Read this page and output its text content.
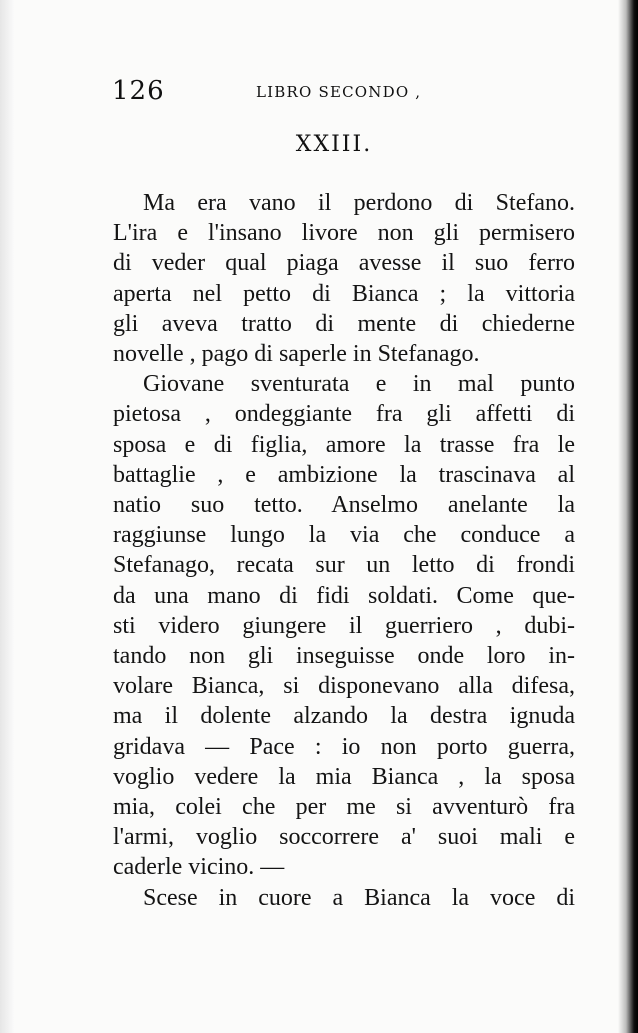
126	LIBRO SECONDO ,
XXIII.
Ma era vano il perdono di Stefano.
L'ira e l'insano livore non gli permisero
di veder qual piaga avesse il suo ferro
aperta nel petto di Bianca ; la vittoria
gli aveva tratto di mente di chiederne
novelle , pago di saperle in Stefanago.
Giovane sventurata e in mal punto
pietosa , ondeggiante fra gli affetti di
sposa e di figlia, amore la trasse fra le
battaglie , e ambizione la trascinava al
natio suo tetto. Anselmo anelante la
raggiunse lungo la via che conduce a
Stefanago, recata sur un letto di frondi
da una mano di fidi soldati. Come que-
sti videro giungere il guerriero , dubi-
tando non gli inseguisse onde loro in-
volare Bianca, si disponevano alla difesa,
ma il dolente alzando la destra ignuda
gridava — Pace : io non porto guerra,
voglio vedere la mia Bianca , la sposa
mia, colei che per me si avventurò fra
l'armi, voglio soccorrere a' suoi mali e
caderle vicino. —
Scese in cuore a Bianca la voce di
